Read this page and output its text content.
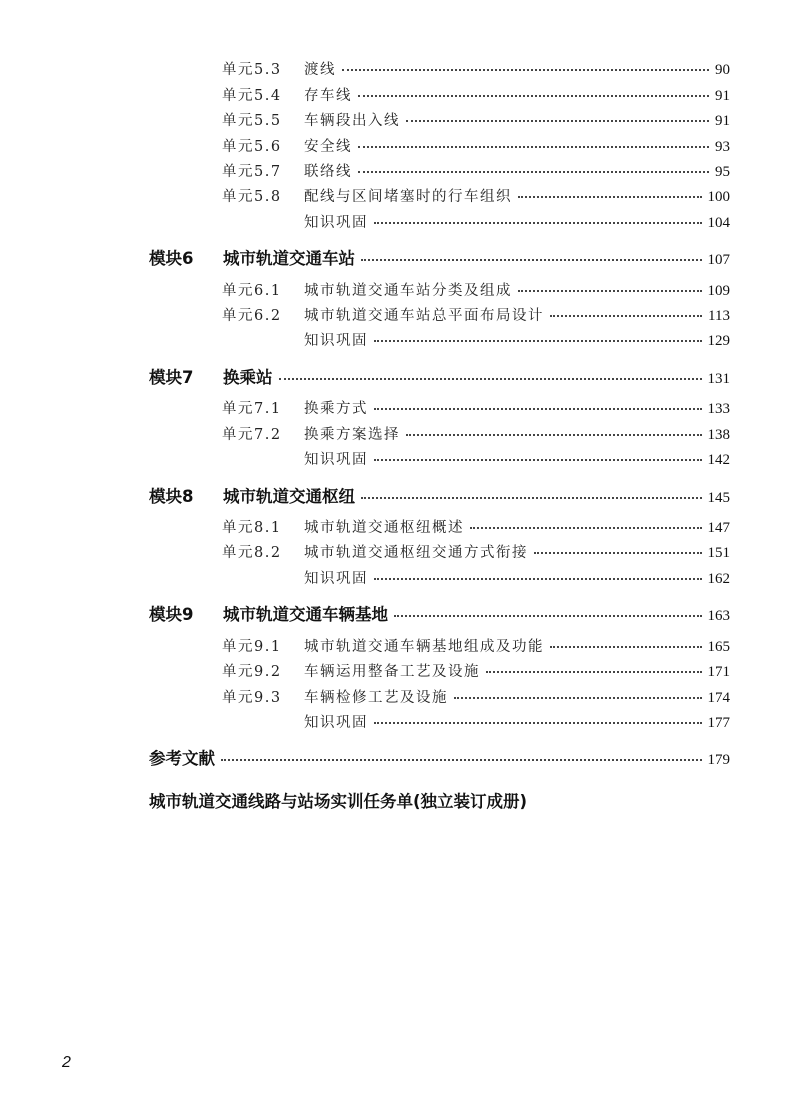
单元5.3	渡线	90
单元5.4	存车线	91
单元5.5	车辆段出入线	91
单元5.6	安全线	93
单元5.7	联络线	95
单元5.8	配线与区间堵塞时的行车组织	100
知识巩固	104
模块6	城市轨道交通车站	107
单元6.1	城市轨道交通车站分类及组成	109
单元6.2	城市轨道交通车站总平面布局设计	113
知识巩固	129
模块7	换乘站	131
单元7.1	换乘方式	133
单元7.2	换乘方案选择	138
知识巩固	142
模块8	城市轨道交通枢纽	145
单元8.1	城市轨道交通枢纽概述	147
单元8.2	城市轨道交通枢纽交通方式衔接	151
知识巩固	162
模块9	城市轨道交通车辆基地	163
单元9.1	城市轨道交通车辆基地组成及功能	165
单元9.2	车辆运用整备工艺及设施	171
单元9.3	车辆检修工艺及设施	174
知识巩固	177
参考文献	179
城市轨道交通线路与站场实训任务单(独立装订成册)
2
